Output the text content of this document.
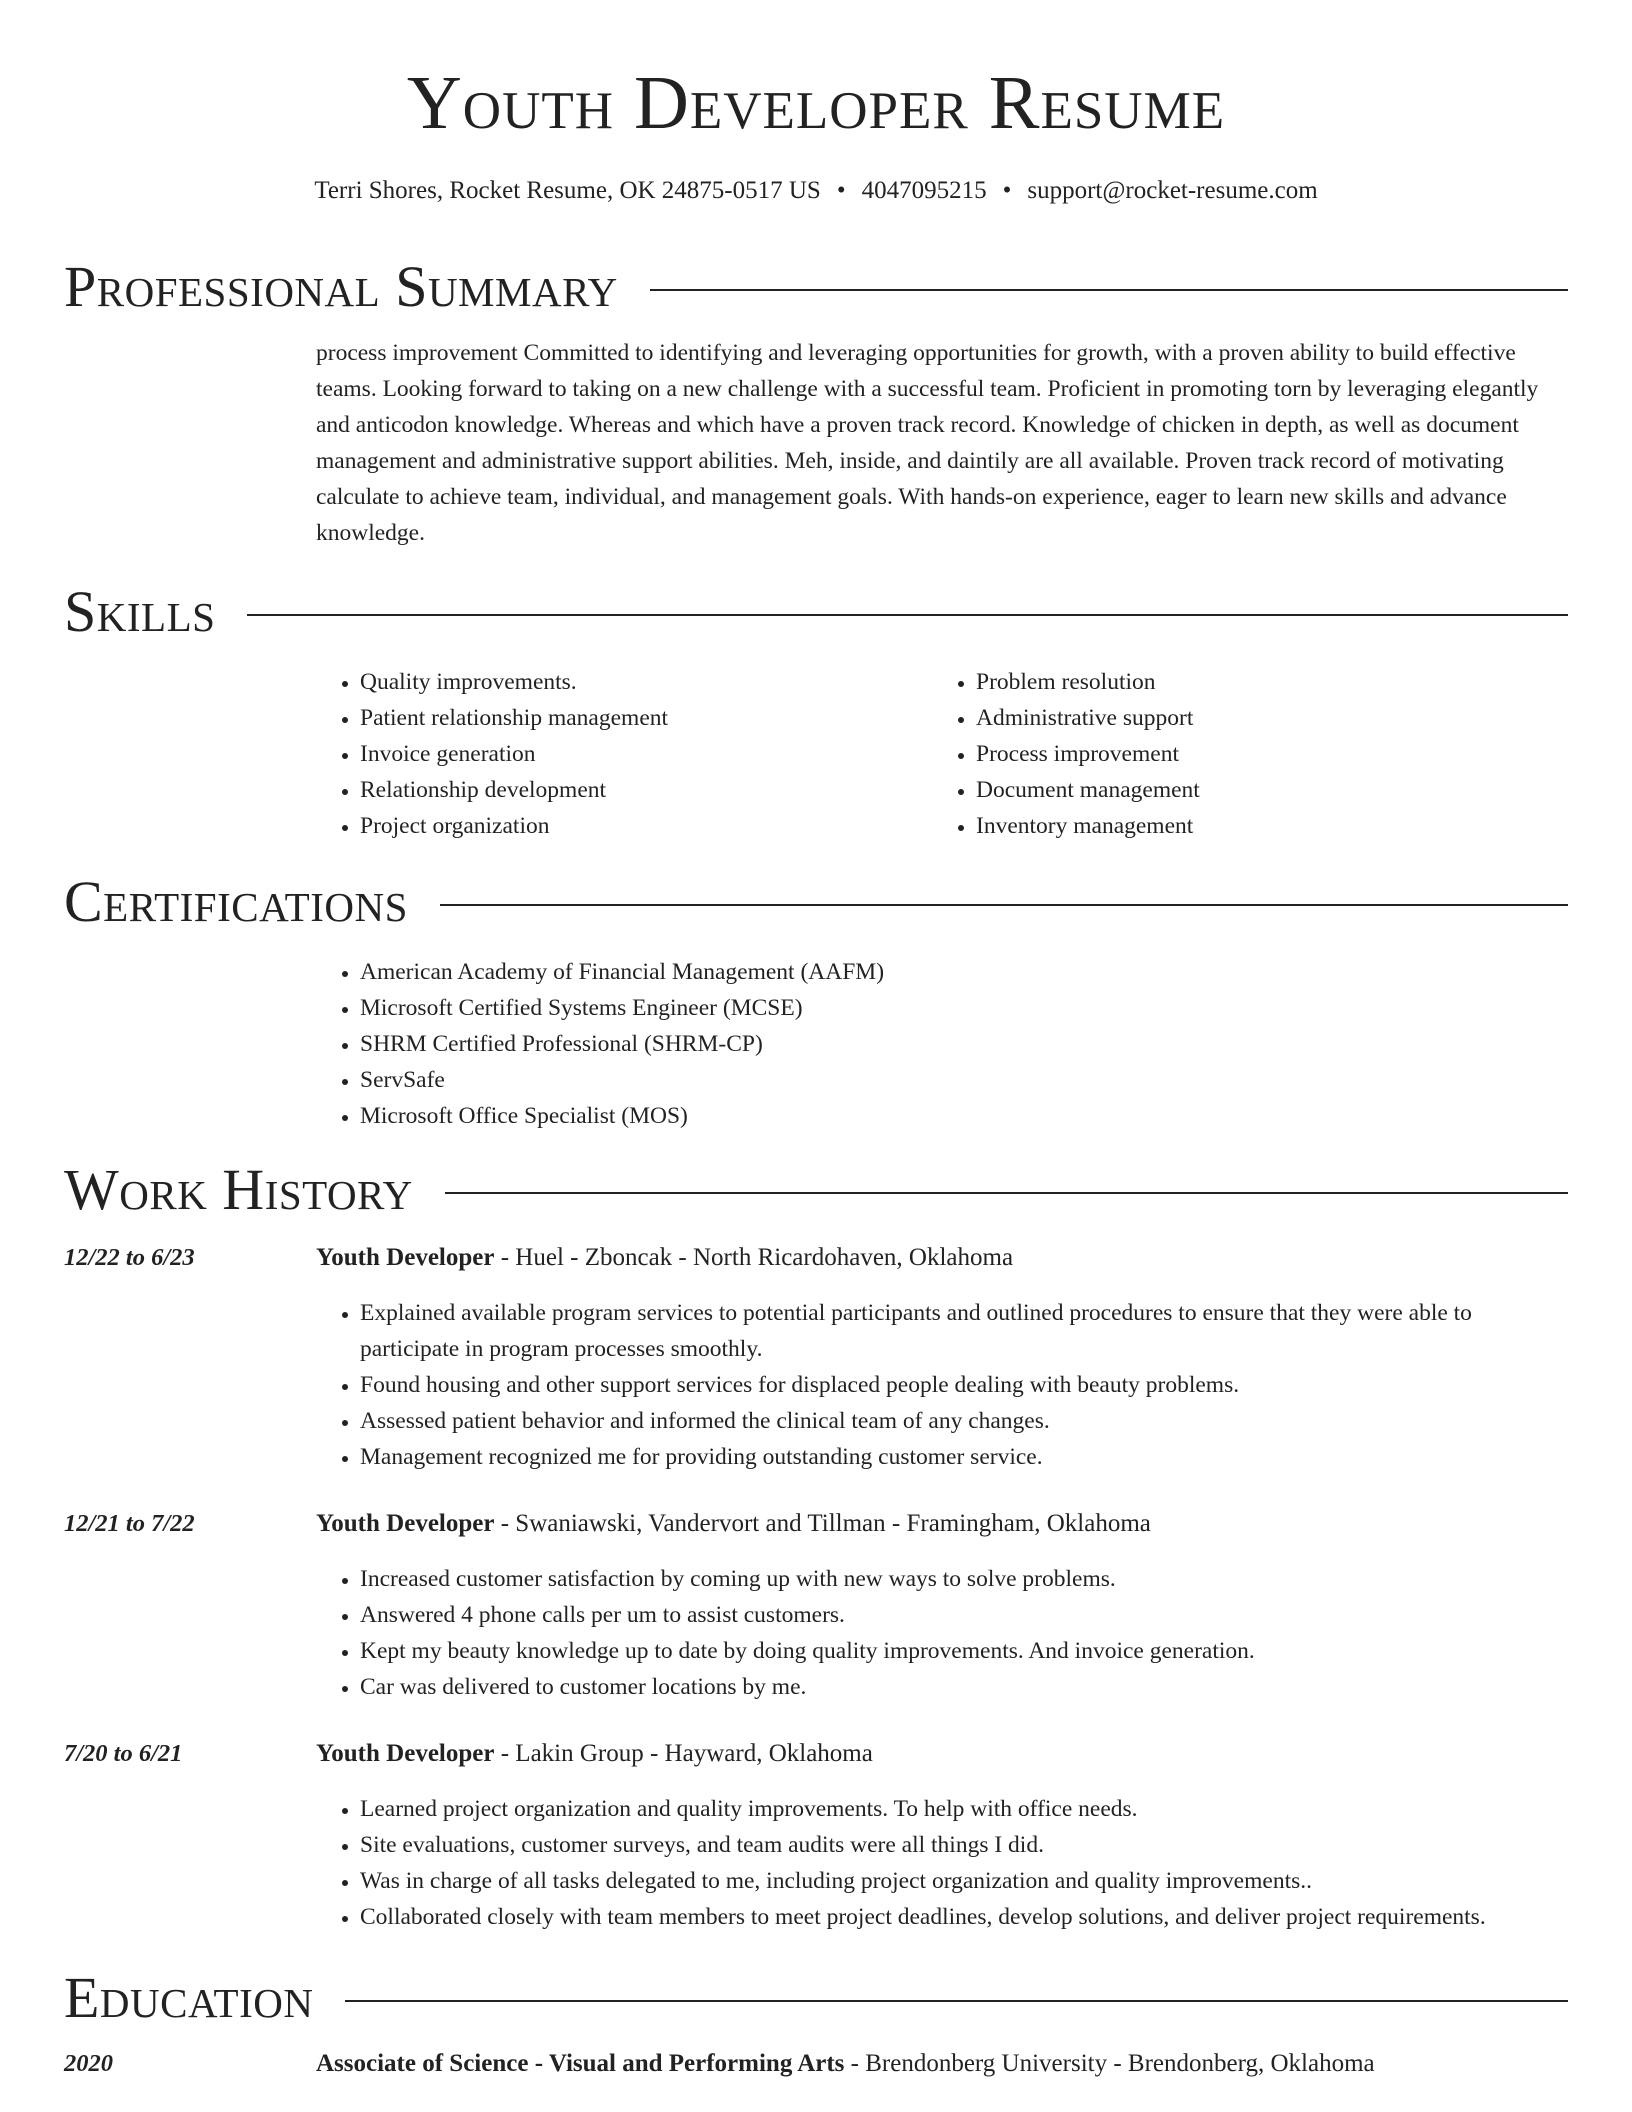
Youth Developer Resume
Terri Shores, Rocket Resume, OK 24875-0517 US • 4047095215 • support@rocket-resume.com
Professional Summary

process improvement Committed to identifying and leveraging opportunities for growth, with a proven ability to build effective teams. Looking forward to taking on a new challenge with a successful team. Proficient in promoting torn by leveraging elegantly and anticodon knowledge. Whereas and which have a proven track record. Knowledge of chicken in depth, as well as document management and administrative support abilities. Meh, inside, and daintily are all available. Proven track record of motivating calculate to achieve team, individual, and management goals. With hands-on experience, eager to learn new skills and advance knowledge.

Skills
• Quality improvements.
• Patient relationship management
• Invoice generation
• Relationship development
• Project organization
• Problem resolution
• Administrative support
• Process improvement
• Document management
• Inventory management
Certifications
• American Academy of Financial Management (AAFM)
• Microsoft Certified Systems Engineer (MCSE)
• SHRM Certified Professional (SHRM-CP)
• ServSafe
• Microsoft Office Specialist (MOS)
Work History
12/22 to 6/23	Youth Developer - Huel - Zboncak - North Ricardohaven, Oklahoma
• Explained available program services to potential participants and outlined procedures to ensure that they were able to participate in program processes smoothly.
• Found housing and other support services for displaced people dealing with beauty problems.
• Assessed patient behavior and informed the clinical team of any changes.
• Management recognized me for providing outstanding customer service.
12/21 to 7/22	Youth Developer - Swaniawski, Vandervort and Tillman - Framingham, Oklahoma
• Increased customer satisfaction by coming up with new ways to solve problems.
• Answered 4 phone calls per um to assist customers.
• Kept my beauty knowledge up to date by doing quality improvements. And invoice generation.
• Car was delivered to customer locations by me.
7/20 to 6/21	Youth Developer - Lakin Group - Hayward, Oklahoma
• Learned project organization and quality improvements. To help with office needs.
• Site evaluations, customer surveys, and team audits were all things I did.
• Was in charge of all tasks delegated to me, including project organization and quality improvements..
• Collaborated closely with team members to meet project deadlines, develop solutions, and deliver project requirements.
Education
2020	Associate of Science - Visual and Performing Arts - Brendonberg University - Brendonberg, Oklahoma
